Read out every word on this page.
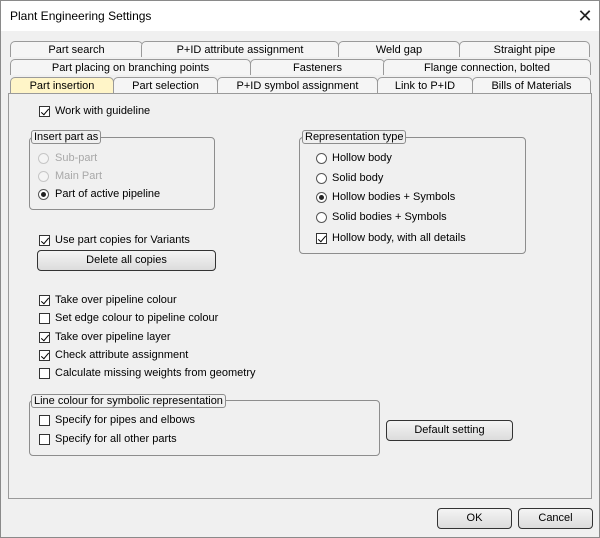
Plant Engineering Settings	✕
Part search	P+ID attribute assignment	Weld gap	Straight pipe
Part placing on branching points	Fasteners	Flange connection, bolted
Part insertion	Part selection	P+ID symbol assignment	Link to P+ID	Bills of Materials
Work with guideline
Insert part as
Sub-part
Main Part
Part of active pipeline
Representation type
Hollow body
Solid body
Hollow bodies + Symbols
Solid bodies + Symbols
Hollow body, with all details
Use part copies for Variants
Delete all copies
Take over pipeline colour
Set edge colour to pipeline colour
Take over pipeline layer
Check attribute assignment
Calculate missing weights from geometry
Line colour for symbolic representation
Specify for pipes and elbows
Specify for all other parts
Default setting
OK	Cancel
